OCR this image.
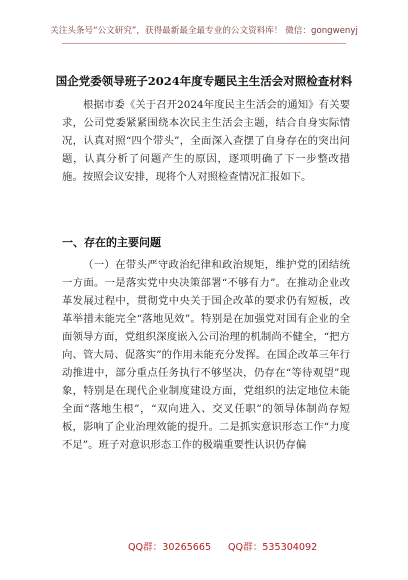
关注头条号“公文研究”，获得最新最全最专业的公文资料库！ 微信：gongwenyj
国企党委领导班子2024年度专题民主生活会对照检查材料

根据市委《关于召开2024年度民主生活会的通知》有关要求，公司党委紧紧围绕本次民主生活会主题，结合自身实际情况，认真对照“四个带头”，全面深入查摆了自身存在的突出问题，认真分析了问题产生的原因，逐项明确了下一步整改措施。按照会议安排，现将个人对照检查情况汇报如下。

一、存在的主要问题

（一）在带头严守政治纪律和政治规矩，维护党的团结统一方面。一是落实党中央决策部署“不够有力”。在推动企业改革发展过程中，贯彻党中央关于国企改革的要求仍有短板，改革举措未能完全“落地见效”。特别是在加强党对国有企业的全面领导方面，党组织深度嵌入公司治理的机制尚不健全，“把方向、管大局、促落实”的作用未能充分发挥。在国企改革三年行动推进中，部分重点任务执行不够坚决，仍存在“等待观望”现象，特别是在现代企业制度建设方面，党组织的法定地位未能全面“落地生根”，“双向进入、交叉任职”的领导体制尚存短板，影响了企业治理效能的提升。二是抓实意识形态工作“力度不足”。班子对意识形态工作的极端重要性认识仍存偏

QQ群：30265665 QQ群：535304092
